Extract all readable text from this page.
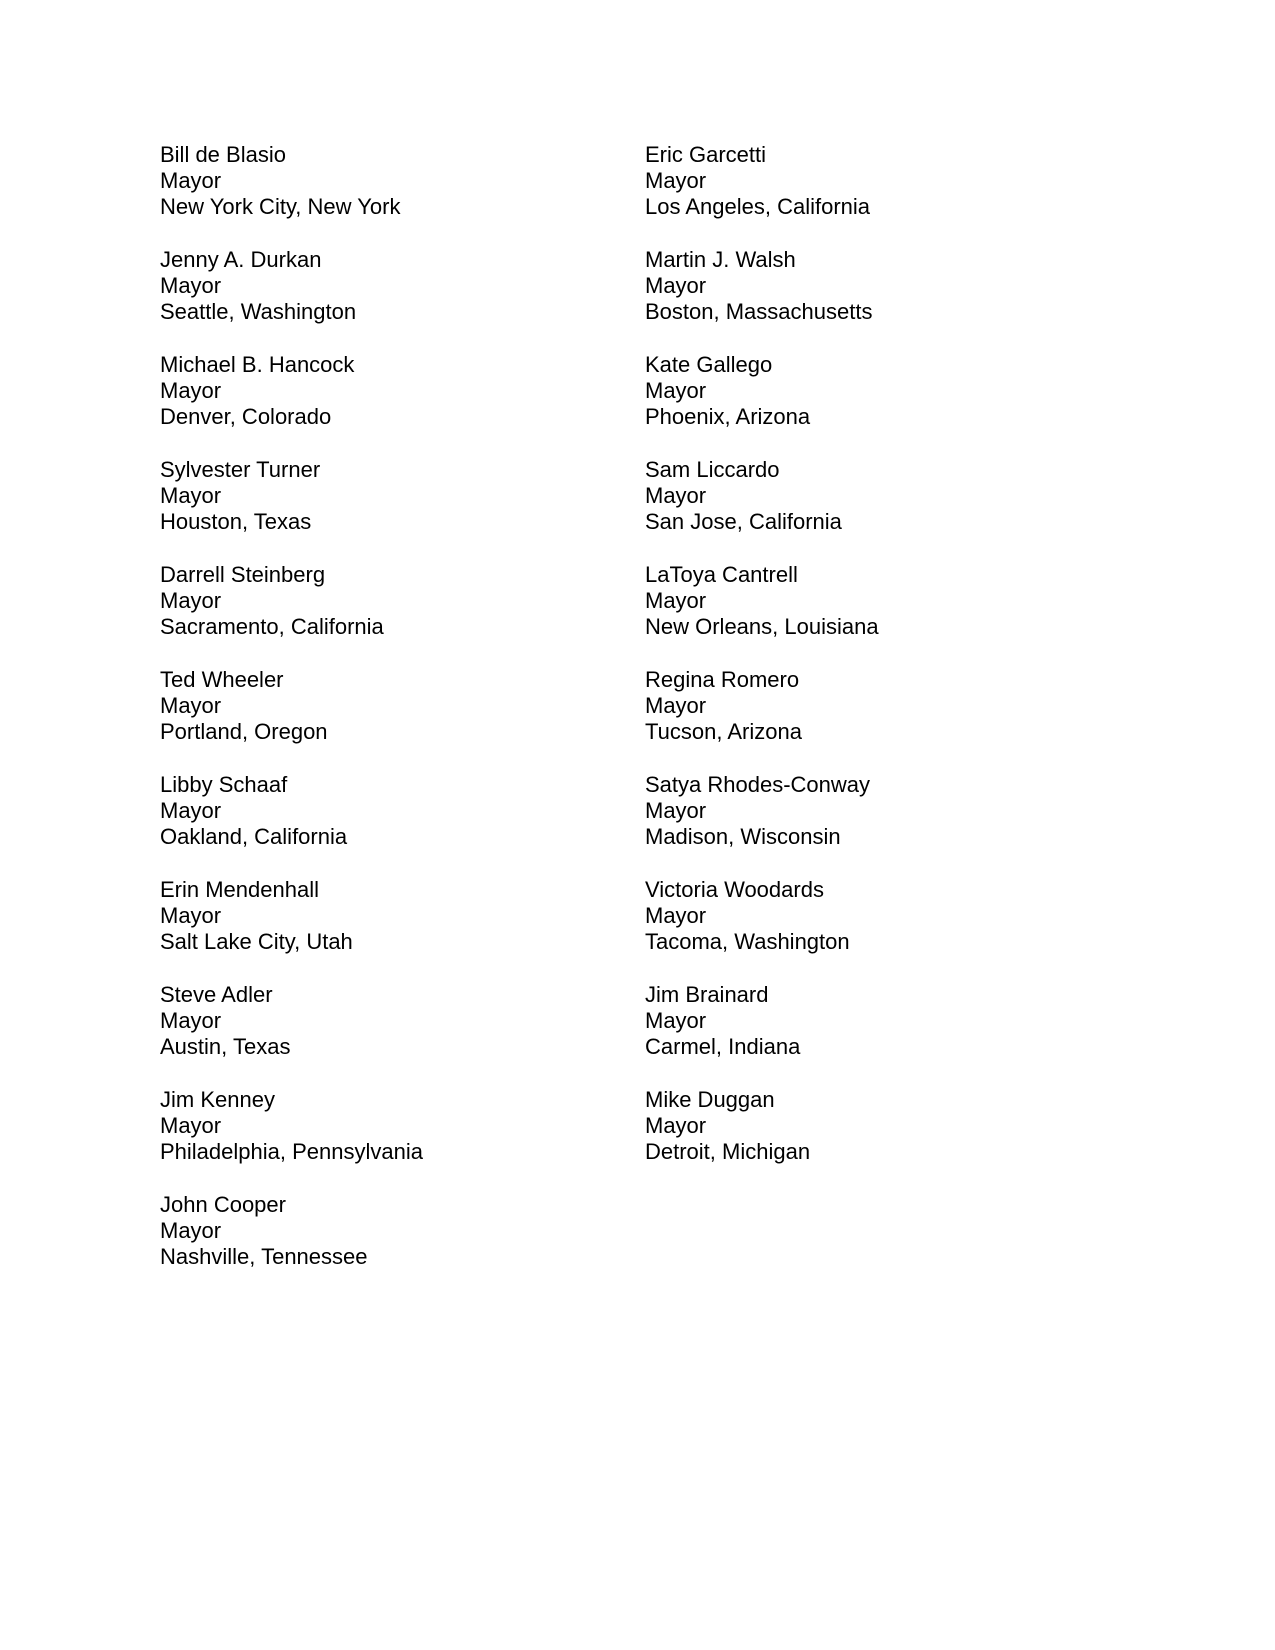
Bill de Blasio
Mayor
New York City, New York
Jenny A. Durkan
Mayor
Seattle, Washington
Michael B. Hancock
Mayor
Denver, Colorado
Sylvester Turner
Mayor
Houston, Texas
Darrell Steinberg
Mayor
Sacramento, California
Ted Wheeler
Mayor
Portland, Oregon
Libby Schaaf
Mayor
Oakland, California
Erin Mendenhall
Mayor
Salt Lake City, Utah
Steve Adler
Mayor
Austin, Texas
Jim Kenney
Mayor
Philadelphia, Pennsylvania
John Cooper
Mayor
Nashville, Tennessee
Eric Garcetti
Mayor
Los Angeles, California
Martin J. Walsh
Mayor
Boston, Massachusetts
Kate Gallego
Mayor
Phoenix, Arizona
Sam Liccardo
Mayor
San Jose, California
LaToya Cantrell
Mayor
New Orleans, Louisiana
Regina Romero
Mayor
Tucson, Arizona
Satya Rhodes-Conway
Mayor
Madison, Wisconsin
Victoria Woodards
Mayor
Tacoma, Washington
Jim Brainard
Mayor
Carmel, Indiana
Mike Duggan
Mayor
Detroit, Michigan
